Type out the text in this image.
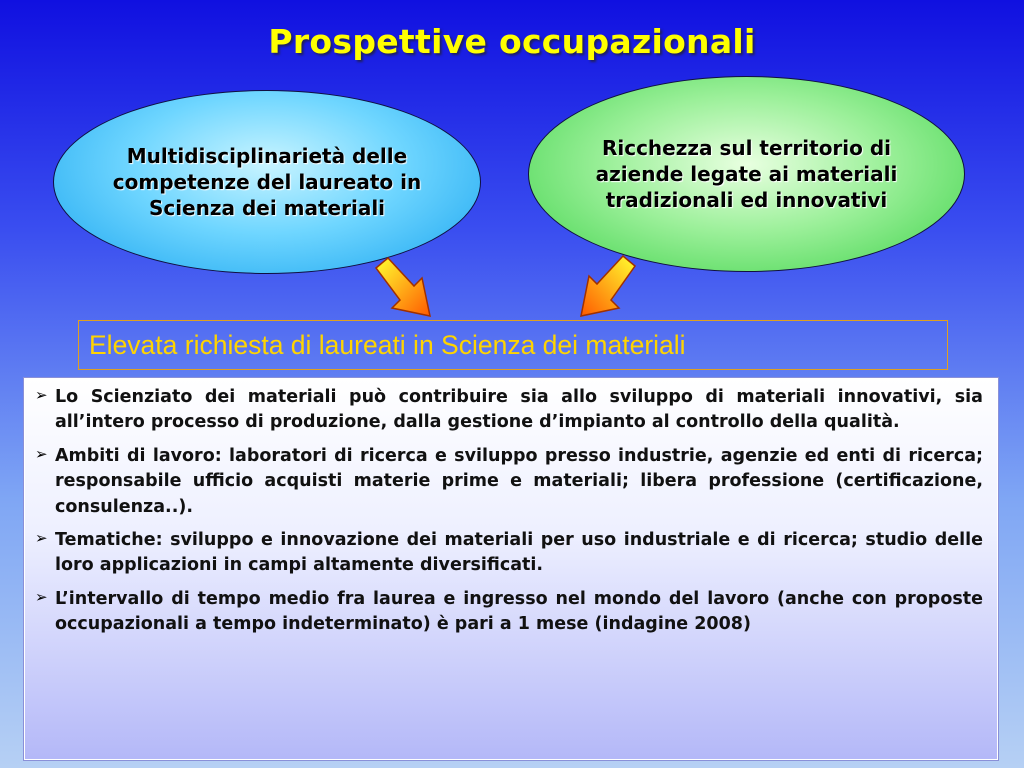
Prospettive occupazionali
Multidisciplinarietà delle competenze del laureato in Scienza dei materiali
Ricchezza sul territorio di aziende legate ai materiali tradizionali ed innovativi
Elevata richiesta di laureati in Scienza dei materiali
➢ Lo Scienziato dei materiali può contribuire sia allo sviluppo di materiali innovativi, sia all’intero processo di produzione, dalla gestione d’impianto al controllo della qualità.
➢ Ambiti di lavoro: laboratori di ricerca e sviluppo presso industrie, agenzie ed enti di ricerca; responsabile ufficio acquisti materie prime e materiali; libera professione (certificazione, consulenza..).
➢ Tematiche: sviluppo e innovazione dei materiali per uso industriale e di ricerca; studio delle loro applicazioni in campi altamente diversificati.
➢ L’intervallo di tempo medio fra laurea e ingresso nel mondo del lavoro (anche con proposte occupazionali a tempo indeterminato) è pari a 1 mese (indagine 2008)
